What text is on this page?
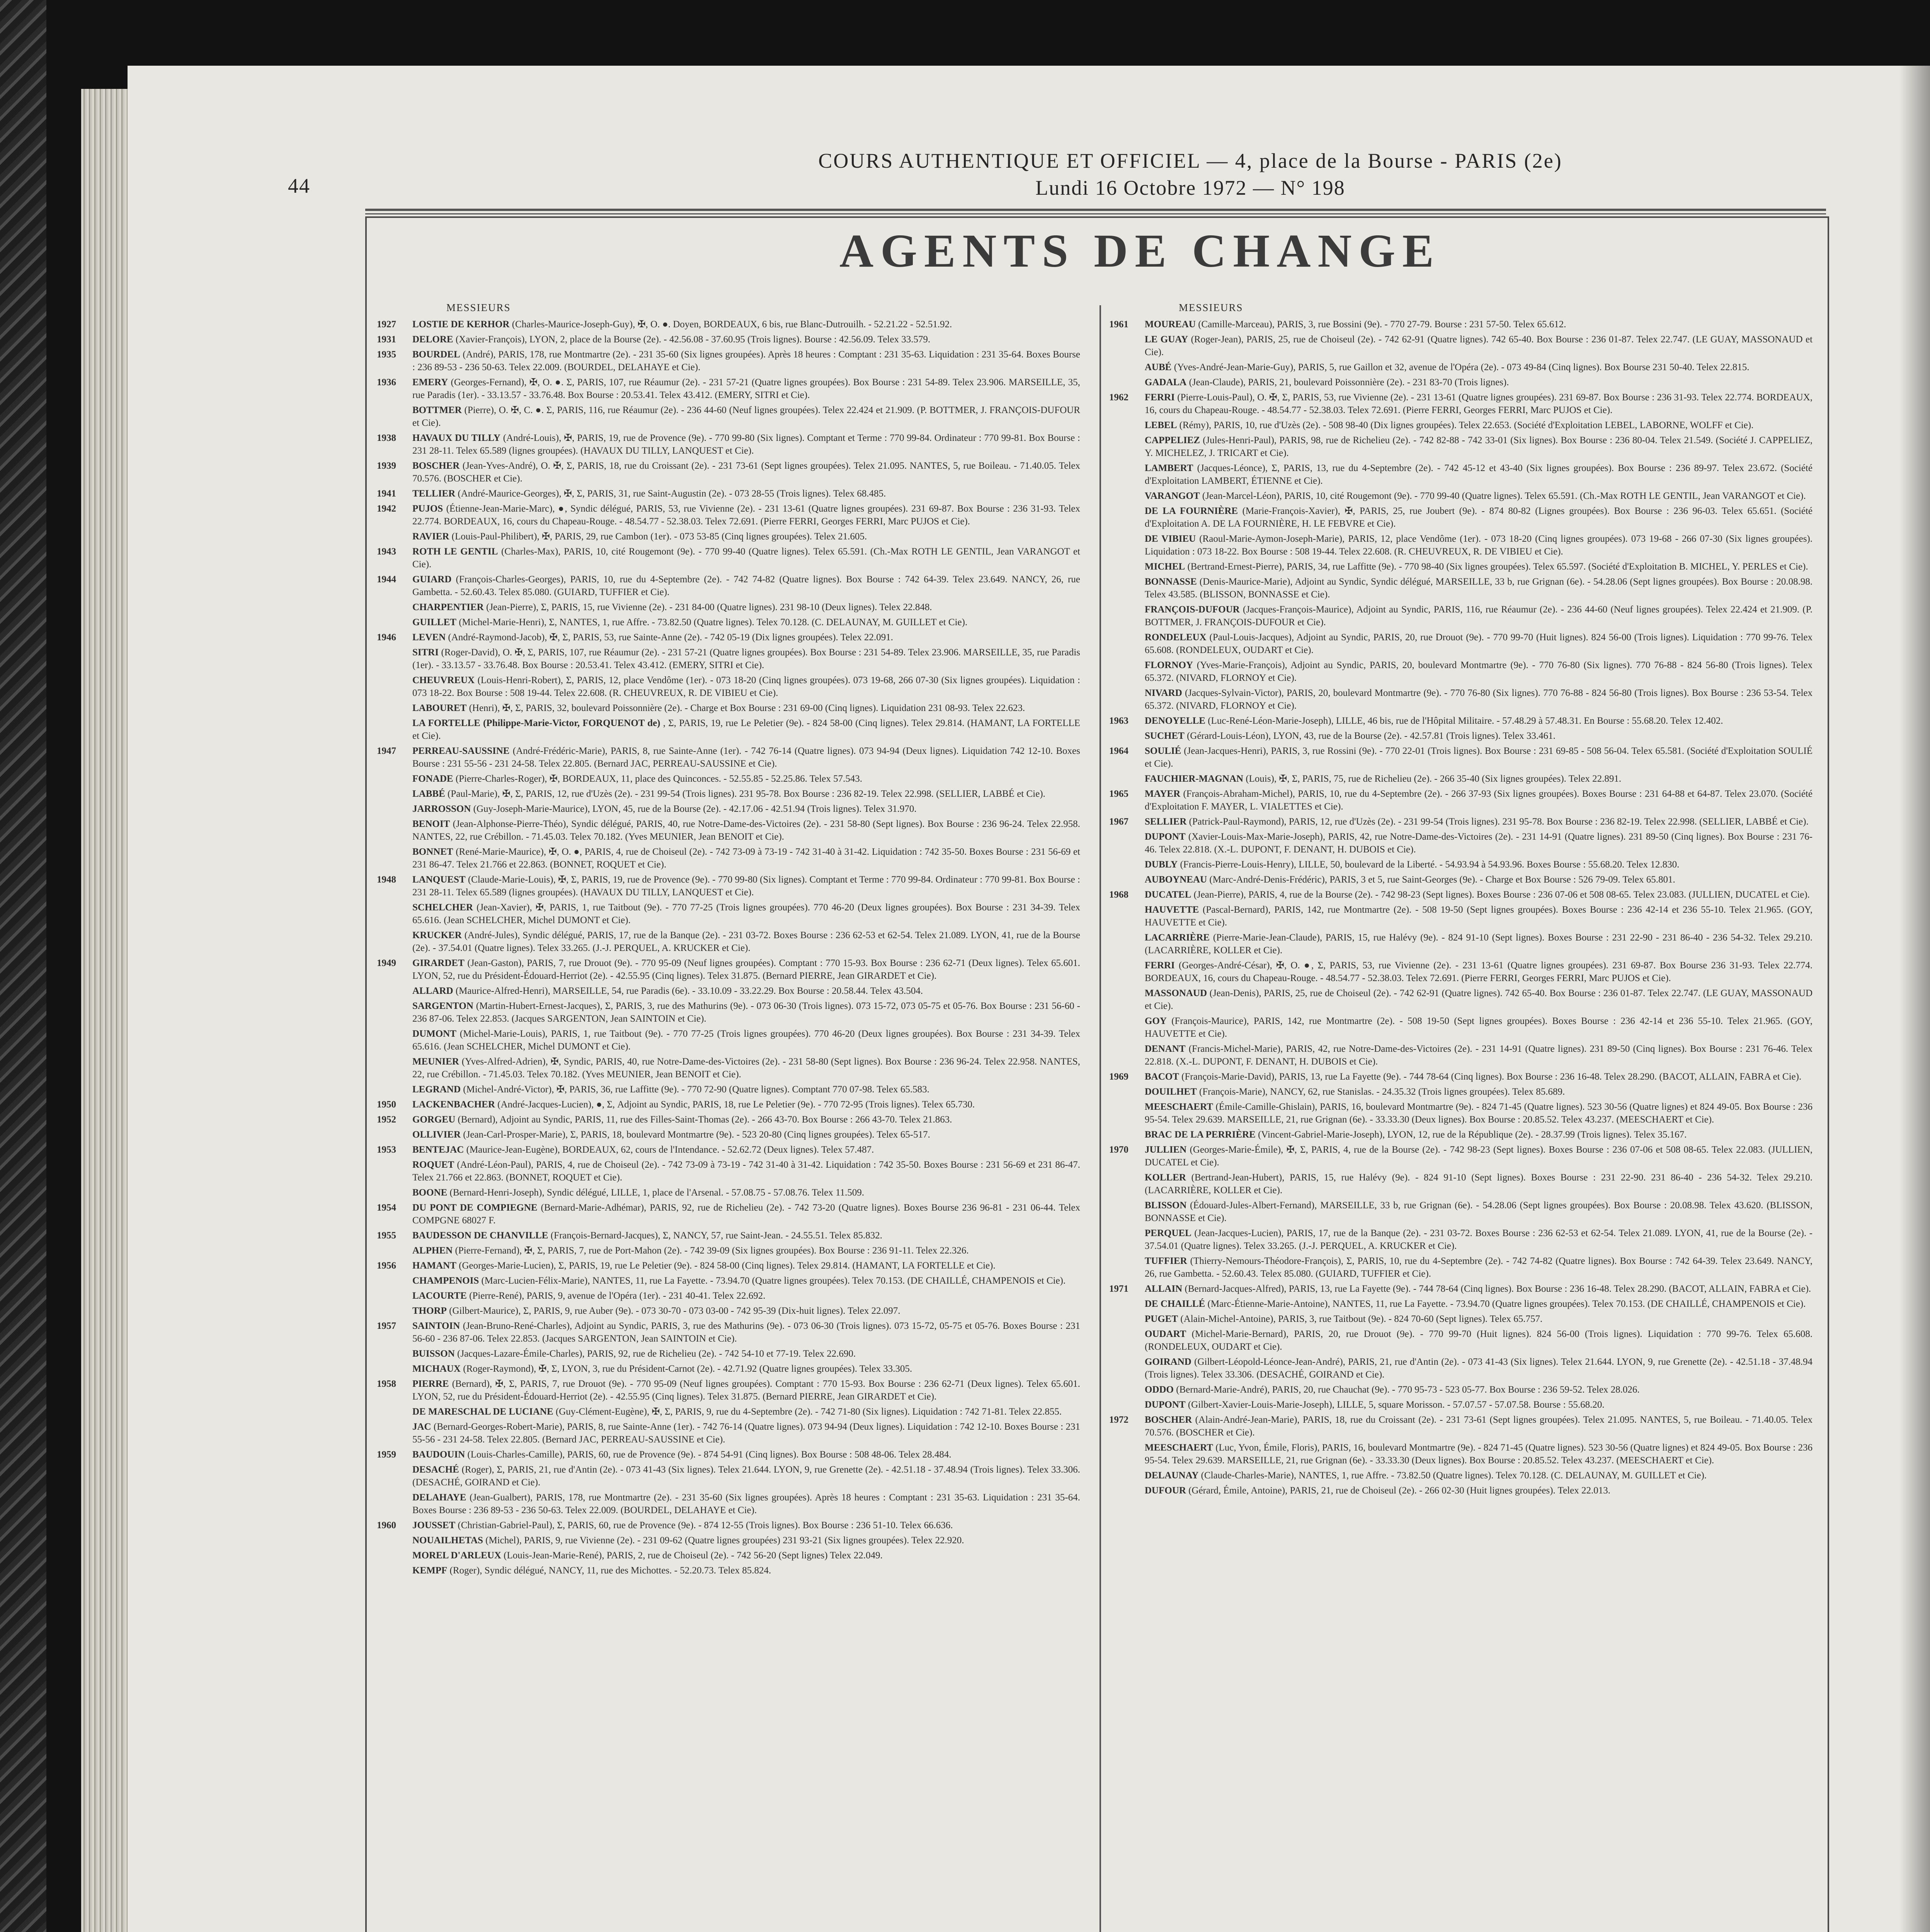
44
COURS AUTHENTIQUE ET OFFICIEL — 4, place de la Bourse - PARIS (2e)
Lundi 16 Octobre 1972 — N° 198
AGENTS DE CHANGE
MESSIEURS
1927	LOSTIE DE KERHOR (Charles-Maurice-Joseph-Guy), ✠, O. ●. Doyen, BORDEAUX, 6 bis, rue Blanc-Dutrouilh. - 52.21.22 - 52.51.92.
1931	DELORE (Xavier-François), LYON, 2, place de la Bourse (2e). - 42.56.08 - 37.60.95 (Trois lignes). Bourse : 42.56.09. Telex 33.579.
1935	BOURDEL (André), PARIS, 178, rue Montmartre (2e). - 231 35-60 (Six lignes groupées). Après 18 heures : Comptant : 231 35-63. Liquidation : 231 35-64. Boxes Bourse : 236 89-53 - 236 50-63. Telex 22.009. (BOURDEL, DELAHAYE et Cie).
1936	EMERY (Georges-Fernand), ✠, O. ●. Σ, PARIS, 107, rue Réaumur (2e). - 231 57-21 (Quatre lignes groupées). Box Bourse : 231 54-89. Telex 23.906. MARSEILLE, 35, rue Paradis (1er). - 33.13.57 - 33.76.48. Box Bourse : 20.53.41. Telex 43.412. (EMERY, SITRI et Cie).
BOTTMER (Pierre), O. ✠, C. ●. Σ, PARIS, 116, rue Réaumur (2e). - 236 44-60 (Neuf lignes groupées). Telex 22.424 et 21.909. (P. BOTTMER, J. FRANÇOIS-DUFOUR et Cie).
1938	HAVAUX DU TILLY (André-Louis), ✠, PARIS, 19, rue de Provence (9e). - 770 99-80 (Six lignes). Comptant et Terme : 770 99-84. Ordinateur : 770 99-81. Box Bourse : 231 28-11. Telex 65.589 (lignes groupées). (HAVAUX DU TILLY, LANQUEST et Cie).
1939	BOSCHER (Jean-Yves-André), O. ✠, Σ, PARIS, 18, rue du Croissant (2e). - 231 73-61 (Sept lignes groupées). Telex 21.095. NANTES, 5, rue Boileau. - 71.40.05. Telex 70.576. (BOSCHER et Cie).
1941	TELLIER (André-Maurice-Georges), ✠, Σ, PARIS, 31, rue Saint-Augustin (2e). - 073 28-55 (Trois lignes). Telex 68.485.
1942	PUJOS (Étienne-Jean-Marie-Marc), ●, Syndic délégué, PARIS, 53, rue Vivienne (2e). - 231 13-61 (Quatre lignes groupées). 231 69-87. Box Bourse : 236 31-93. Telex 22.774. BORDEAUX, 16, cours du Chapeau-Rouge. - 48.54.77 - 52.38.03. Telex 72.691. (Pierre FERRI, Georges FERRI, Marc PUJOS et Cie).
RAVIER (Louis-Paul-Philibert), ✠, PARIS, 29, rue Cambon (1er). - 073 53-85 (Cinq lignes groupées). Telex 21.605.
1943	ROTH LE GENTIL (Charles-Max), PARIS, 10, cité Rougemont (9e). - 770 99-40 (Quatre lignes). Telex 65.591. (Ch.-Max ROTH LE GENTIL, Jean VARANGOT et Cie).
1944	GUIARD (François-Charles-Georges), PARIS, 10, rue du 4-Septembre (2e). - 742 74-82 (Quatre lignes). Box Bourse : 742 64-39. Telex 23.649. NANCY, 26, rue Gambetta. - 52.60.43. Telex 85.080. (GUIARD, TUFFIER et Cie).
CHARPENTIER (Jean-Pierre), Σ, PARIS, 15, rue Vivienne (2e). - 231 84-00 (Quatre lignes). 231 98-10 (Deux lignes). Telex 22.848.
GUILLET (Michel-Marie-Henri), Σ, NANTES, 1, rue Affre. - 73.82.50 (Quatre lignes). Telex 70.128. (C. DELAUNAY, M. GUILLET et Cie).
1946	LEVEN (André-Raymond-Jacob), ✠, Σ, PARIS, 53, rue Sainte-Anne (2e). - 742 05-19 (Dix lignes groupées). Telex 22.091.
SITRI (Roger-David), O. ✠, Σ, PARIS, 107, rue Réaumur (2e). - 231 57-21 (Quatre lignes groupées). Box Bourse : 231 54-89. Telex 23.906. MARSEILLE, 35, rue Paradis (1er). - 33.13.57 - 33.76.48. Box Bourse : 20.53.41. Telex 43.412. (EMERY, SITRI et Cie).
CHEUVREUX (Louis-Henri-Robert), Σ, PARIS, 12, place Vendôme (1er). - 073 18-20 (Cinq lignes groupées). 073 19-68, 266 07-30 (Six lignes groupées). Liquidation : 073 18-22. Box Bourse : 508 19-44. Telex 22.608. (R. CHEUVREUX, R. DE VIBIEU et Cie).
LABOURET (Henri), ✠, Σ, PARIS, 32, boulevard Poissonnière (2e). - Charge et Box Bourse : 231 69-00 (Cinq lignes). Liquidation 231 08-93. Telex 22.623.
LA FORTELLE (Philippe-Marie-Victor, FORQUENOT de) , Σ, PARIS, 19, rue Le Peletier (9e). - 824 58-00 (Cinq lignes). Telex 29.814. (HAMANT, LA FORTELLE et Cie).
1947	PERREAU-SAUSSINE (André-Frédéric-Marie), PARIS, 8, rue Sainte-Anne (1er). - 742 76-14 (Quatre lignes). 073 94-94 (Deux lignes). Liquidation 742 12-10. Boxes Bourse : 231 55-56 - 231 24-58. Telex 22.805. (Bernard JAC, PERREAU-SAUSSINE et Cie).
FONADE (Pierre-Charles-Roger), ✠, BORDEAUX, 11, place des Quinconces. - 52.55.85 - 52.25.86. Telex 57.543.
LABBÉ (Paul-Marie), ✠, Σ, PARIS, 12, rue d'Uzès (2e). - 231 99-54 (Trois lignes). 231 95-78. Box Bourse : 236 82-19. Telex 22.998. (SELLIER, LABBÉ et Cie).
JARROSSON (Guy-Joseph-Marie-Maurice), LYON, 45, rue de la Bourse (2e). - 42.17.06 - 42.51.94 (Trois lignes). Telex 31.970.
BENOIT (Jean-Alphonse-Pierre-Théo), Syndic délégué, PARIS, 40, rue Notre-Dame-des-Victoires (2e). - 231 58-80 (Sept lignes). Box Bourse : 236 96-24. Telex 22.958. NANTES, 22, rue Crébillon. - 71.45.03. Telex 70.182. (Yves MEUNIER, Jean BENOIT et Cie).
BONNET (René-Marie-Maurice), ✠, O. ●, PARIS, 4, rue de Choiseul (2e). - 742 73-09 à 73-19 - 742 31-40 à 31-42. Liquidation : 742 35-50. Boxes Bourse : 231 56-69 et 231 86-47. Telex 21.766 et 22.863. (BONNET, ROQUET et Cie).
1948	LANQUEST (Claude-Marie-Louis), ✠, Σ, PARIS, 19, rue de Provence (9e). - 770 99-80 (Six lignes). Comptant et Terme : 770 99-84. Ordinateur : 770 99-81. Box Bourse : 231 28-11. Telex 65.589 (lignes groupées). (HAVAUX DU TILLY, LANQUEST et Cie).
SCHELCHER (Jean-Xavier), ✠, PARIS, 1, rue Taitbout (9e). - 770 77-25 (Trois lignes groupées). 770 46-20 (Deux lignes groupées). Box Bourse : 231 34-39. Telex 65.616. (Jean SCHELCHER, Michel DUMONT et Cie).
KRUCKER (André-Jules), Syndic délégué, PARIS, 17, rue de la Banque (2e). - 231 03-72. Boxes Bourse : 236 62-53 et 62-54. Telex 21.089. LYON, 41, rue de la Bourse (2e). - 37.54.01 (Quatre lignes). Telex 33.265. (J.-J. PERQUEL, A. KRUCKER et Cie).
1949	GIRARDET (Jean-Gaston), PARIS, 7, rue Drouot (9e). - 770 95-09 (Neuf lignes groupées). Comptant : 770 15-93. Box Bourse : 236 62-71 (Deux lignes). Telex 65.601. LYON, 52, rue du Président-Édouard-Herriot (2e). - 42.55.95 (Cinq lignes). Telex 31.875. (Bernard PIERRE, Jean GIRARDET et Cie).
ALLARD (Maurice-Alfred-Henri), MARSEILLE, 54, rue Paradis (6e). - 33.10.09 - 33.22.29. Box Bourse : 20.58.44. Telex 43.504.
SARGENTON (Martin-Hubert-Ernest-Jacques), Σ, PARIS, 3, rue des Mathurins (9e). - 073 06-30 (Trois lignes). 073 15-72, 073 05-75 et 05-76. Box Bourse : 231 56-60 - 236 87-06. Telex 22.853. (Jacques SARGENTON, Jean SAINTOIN et Cie).
DUMONT (Michel-Marie-Louis), PARIS, 1, rue Taitbout (9e). - 770 77-25 (Trois lignes groupées). 770 46-20 (Deux lignes groupées). Box Bourse : 231 34-39. Telex 65.616. (Jean SCHELCHER, Michel DUMONT et Cie).
MEUNIER (Yves-Alfred-Adrien), ✠, Syndic, PARIS, 40, rue Notre-Dame-des-Victoires (2e). - 231 58-80 (Sept lignes). Box Bourse : 236 96-24. Telex 22.958. NANTES, 22, rue Crébillon. - 71.45.03. Telex 70.182. (Yves MEUNIER, Jean BENOIT et Cie).
LEGRAND (Michel-André-Victor), ✠, PARIS, 36, rue Laffitte (9e). - 770 72-90 (Quatre lignes). Comptant 770 07-98. Telex 65.583.
1950	LACKENBACHER (André-Jacques-Lucien), ●, Σ, Adjoint au Syndic, PARIS, 18, rue Le Peletier (9e). - 770 72-95 (Trois lignes). Telex 65.730.
1952	GORGEU (Bernard), Adjoint au Syndic, PARIS, 11, rue des Filles-Saint-Thomas (2e). - 266 43-70. Box Bourse : 266 43-70. Telex 21.863.
OLLIVIER (Jean-Carl-Prosper-Marie), Σ, PARIS, 18, boulevard Montmartre (9e). - 523 20-80 (Cinq lignes groupées). Telex 65-517.
1953	BENTEJAC (Maurice-Jean-Eugène), BORDEAUX, 62, cours de l'Intendance. - 52.62.72 (Deux lignes). Telex 57.487.
ROQUET (André-Léon-Paul), PARIS, 4, rue de Choiseul (2e). - 742 73-09 à 73-19 - 742 31-40 à 31-42. Liquidation : 742 35-50. Boxes Bourse : 231 56-69 et 231 86-47. Telex 21.766 et 22.863. (BONNET, ROQUET et Cie).
BOONE (Bernard-Henri-Joseph), Syndic délégué, LILLE, 1, place de l'Arsenal. - 57.08.75 - 57.08.76. Telex 11.509.
1954	DU PONT DE COMPIEGNE (Bernard-Marie-Adhémar), PARIS, 92, rue de Richelieu (2e). - 742 73-20 (Quatre lignes). Boxes Bourse 236 96-81 - 231 06-44. Telex COMPGNE 68027 F.
1955	BAUDESSON DE CHANVILLE (François-Bernard-Jacques), Σ, NANCY, 57, rue Saint-Jean. - 24.55.51. Telex 85.832.
ALPHEN (Pierre-Fernand), ✠, Σ, PARIS, 7, rue de Port-Mahon (2e). - 742 39-09 (Six lignes groupées). Box Bourse : 236 91-11. Telex 22.326.
1956	HAMANT (Georges-Marie-Lucien), Σ, PARIS, 19, rue Le Peletier (9e). - 824 58-00 (Cinq lignes). Telex 29.814. (HAMANT, LA FORTELLE et Cie).
CHAMPENOIS (Marc-Lucien-Félix-Marie), NANTES, 11, rue La Fayette. - 73.94.70 (Quatre lignes groupées). Telex 70.153. (DE CHAILLÉ, CHAMPENOIS et Cie).
LACOURTE (Pierre-René), PARIS, 9, avenue de l'Opéra (1er). - 231 40-41. Telex 22.692.
THORP (Gilbert-Maurice), Σ, PARIS, 9, rue Auber (9e). - 073 30-70 - 073 03-00 - 742 95-39 (Dix-huit lignes). Telex 22.097.
1957	SAINTOIN (Jean-Bruno-René-Charles), Adjoint au Syndic, PARIS, 3, rue des Mathurins (9e). - 073 06-30 (Trois lignes). 073 15-72, 05-75 et 05-76. Boxes Bourse : 231 56-60 - 236 87-06. Telex 22.853. (Jacques SARGENTON, Jean SAINTOIN et Cie).
BUISSON (Jacques-Lazare-Émile-Charles), PARIS, 92, rue de Richelieu (2e). - 742 54-10 et 77-19. Telex 22.690.
MICHAUX (Roger-Raymond), ✠, Σ, LYON, 3, rue du Président-Carnot (2e). - 42.71.92 (Quatre lignes groupées). Telex 33.305.
1958	PIERRE (Bernard), ✠, Σ, PARIS, 7, rue Drouot (9e). - 770 95-09 (Neuf lignes groupées). Comptant : 770 15-93. Box Bourse : 236 62-71 (Deux lignes). Telex 65.601. LYON, 52, rue du Président-Édouard-Herriot (2e). - 42.55.95 (Cinq lignes). Telex 31.875. (Bernard PIERRE, Jean GIRARDET et Cie).
DE MARESCHAL DE LUCIANE (Guy-Clément-Eugène), ✠, Σ, PARIS, 9, rue du 4-Septembre (2e). - 742 71-80 (Six lignes). Liquidation : 742 71-81. Telex 22.855.
JAC (Bernard-Georges-Robert-Marie), PARIS, 8, rue Sainte-Anne (1er). - 742 76-14 (Quatre lignes). 073 94-94 (Deux lignes). Liquidation : 742 12-10. Boxes Bourse : 231 55-56 - 231 24-58. Telex 22.805. (Bernard JAC, PERREAU-SAUSSINE et Cie).
1959	BAUDOUIN (Louis-Charles-Camille), PARIS, 60, rue de Provence (9e). - 874 54-91 (Cinq lignes). Box Bourse : 508 48-06. Telex 28.484.
DESACHÉ (Roger), Σ, PARIS, 21, rue d'Antin (2e). - 073 41-43 (Six lignes). Telex 21.644. LYON, 9, rue Grenette (2e). - 42.51.18 - 37.48.94 (Trois lignes). Telex 33.306. (DESACHÉ, GOIRAND et Cie).
DELAHAYE (Jean-Gualbert), PARIS, 178, rue Montmartre (2e). - 231 35-60 (Six lignes groupées). Après 18 heures : Comptant : 231 35-63. Liquidation : 231 35-64. Boxes Bourse : 236 89-53 - 236 50-63. Telex 22.009. (BOURDEL, DELAHAYE et Cie).
1960	JOUSSET (Christian-Gabriel-Paul), Σ, PARIS, 60, rue de Provence (9e). - 874 12-55 (Trois lignes). Box Bourse : 236 51-10. Telex 66.636.
NOUAILHETAS (Michel), PARIS, 9, rue Vivienne (2e). - 231 09-62 (Quatre lignes groupées) 231 93-21 (Six lignes groupées). Telex 22.920.
MOREL D'ARLEUX (Louis-Jean-Marie-René), PARIS, 2, rue de Choiseul (2e). - 742 56-20 (Sept lignes) Telex 22.049.
KEMPF (Roger), Syndic délégué, NANCY, 11, rue des Michottes. - 52.20.73. Telex 85.824.
MESSIEURS
1961	MOUREAU (Camille-Marceau), PARIS, 3, rue Bossini (9e). - 770 27-79. Bourse : 231 57-50. Telex 65.612.
LE GUAY (Roger-Jean), PARIS, 25, rue de Choiseul (2e). - 742 62-91 (Quatre lignes). 742 65-40. Box Bourse : 236 01-87. Telex 22.747. (LE GUAY, MASSONAUD et Cie).
AUBÉ (Yves-André-Jean-Marie-Guy), PARIS, 5, rue Gaillon et 32, avenue de l'Opéra (2e). - 073 49-84 (Cinq lignes). Box Bourse 231 50-40. Telex 22.815.
GADALA (Jean-Claude), PARIS, 21, boulevard Poissonnière (2e). - 231 83-70 (Trois lignes).
1962	FERRI (Pierre-Louis-Paul), O. ✠, Σ, PARIS, 53, rue Vivienne (2e). - 231 13-61 (Quatre lignes groupées). 231 69-87. Box Bourse : 236 31-93. Telex 22.774. BORDEAUX, 16, cours du Chapeau-Rouge. - 48.54.77 - 52.38.03. Telex 72.691. (Pierre FERRI, Georges FERRI, Marc PUJOS et Cie).
LEBEL (Rémy), PARIS, 10, rue d'Uzès (2e). - 508 98-40 (Dix lignes groupées). Telex 22.653. (Société d'Exploitation LEBEL, LABORNE, WOLFF et Cie).
CAPPELIEZ (Jules-Henri-Paul), PARIS, 98, rue de Richelieu (2e). - 742 82-88 - 742 33-01 (Six lignes). Box Bourse : 236 80-04. Telex 21.549. (Société J. CAPPELIEZ, Y. MICHELEZ, J. TRICART et Cie).
LAMBERT (Jacques-Léonce), Σ, PARIS, 13, rue du 4-Septembre (2e). - 742 45-12 et 43-40 (Six lignes groupées). Box Bourse : 236 89-97. Telex 23.672. (Société d'Exploitation LAMBERT, ÉTIENNE et Cie).
VARANGOT (Jean-Marcel-Léon), PARIS, 10, cité Rougemont (9e). - 770 99-40 (Quatre lignes). Telex 65.591. (Ch.-Max ROTH LE GENTIL, Jean VARANGOT et Cie).
DE LA FOURNIÈRE (Marie-François-Xavier), ✠, PARIS, 25, rue Joubert (9e). - 874 80-82 (Lignes groupées). Box Bourse : 236 96-03. Telex 65.651. (Société d'Exploitation A. DE LA FOURNIÈRE, H. LE FEBVRE et Cie).
DE VIBIEU (Raoul-Marie-Aymon-Joseph-Marie), PARIS, 12, place Vendôme (1er). - 073 18-20 (Cinq lignes groupées). 073 19-68 - 266 07-30 (Six lignes groupées). Liquidation : 073 18-22. Box Bourse : 508 19-44. Telex 22.608. (R. CHEUVREUX, R. DE VIBIEU et Cie).
MICHEL (Bertrand-Ernest-Pierre), PARIS, 34, rue Laffitte (9e). - 770 98-40 (Six lignes groupées). Telex 65.597. (Société d'Exploitation B. MICHEL, Y. PERLES et Cie).
BONNASSE (Denis-Maurice-Marie), Adjoint au Syndic, Syndic délégué, MARSEILLE, 33 b, rue Grignan (6e). - 54.28.06 (Sept lignes groupées). Box Bourse : 20.08.98. Telex 43.585. (BLISSON, BONNASSE et Cie).
FRANÇOIS-DUFOUR (Jacques-François-Maurice), Adjoint au Syndic, PARIS, 116, rue Réaumur (2e). - 236 44-60 (Neuf lignes groupées). Telex 22.424 et 21.909. (P. BOTTMER, J. FRANÇOIS-DUFOUR et Cie).
RONDELEUX (Paul-Louis-Jacques), Adjoint au Syndic, PARIS, 20, rue Drouot (9e). - 770 99-70 (Huit lignes). 824 56-00 (Trois lignes). Liquidation : 770 99-76. Telex 65.608. (RONDELEUX, OUDART et Cie).
FLORNOY (Yves-Marie-François), Adjoint au Syndic, PARIS, 20, boulevard Montmartre (9e). - 770 76-80 (Six lignes). 770 76-88 - 824 56-80 (Trois lignes). Telex 65.372. (NIVARD, FLORNOY et Cie).
NIVARD (Jacques-Sylvain-Victor), PARIS, 20, boulevard Montmartre (9e). - 770 76-80 (Six lignes). 770 76-88 - 824 56-80 (Trois lignes). Box Bourse : 236 53-54. Telex 65.372. (NIVARD, FLORNOY et Cie).
1963	DENOYELLE (Luc-René-Léon-Marie-Joseph), LILLE, 46 bis, rue de l'Hôpital Militaire. - 57.48.29 à 57.48.31. En Bourse : 55.68.20. Telex 12.402.
SUCHET (Gérard-Louis-Léon), LYON, 43, rue de la Bourse (2e). - 42.57.81 (Trois lignes). Telex 33.461.
1964	SOULIÉ (Jean-Jacques-Henri), PARIS, 3, rue Rossini (9e). - 770 22-01 (Trois lignes). Box Bourse : 231 69-85 - 508 56-04. Telex 65.581. (Société d'Exploitation SOULIÉ et Cie).
FAUCHIER-MAGNAN (Louis), ✠, Σ, PARIS, 75, rue de Richelieu (2e). - 266 35-40 (Six lignes groupées). Telex 22.891.
1965	MAYER (François-Abraham-Michel), PARIS, 10, rue du 4-Septembre (2e). - 266 37-93 (Six lignes groupées). Boxes Bourse : 231 64-88 et 64-87. Telex 23.070. (Société d'Exploitation F. MAYER, L. VIALETTES et Cie).
1967	SELLIER (Patrick-Paul-Raymond), PARIS, 12, rue d'Uzès (2e). - 231 99-54 (Trois lignes). 231 95-78. Box Bourse : 236 82-19. Telex 22.998. (SELLIER, LABBÉ et Cie).
DUPONT (Xavier-Louis-Max-Marie-Joseph), PARIS, 42, rue Notre-Dame-des-Victoires (2e). - 231 14-91 (Quatre lignes). 231 89-50 (Cinq lignes). Box Bourse : 231 76-46. Telex 22.818. (X.-L. DUPONT, F. DENANT, H. DUBOIS et Cie).
DUBLY (Francis-Pierre-Louis-Henry), LILLE, 50, boulevard de la Liberté. - 54.93.94 à 54.93.96. Boxes Bourse : 55.68.20. Telex 12.830.
AUBOYNEAU (Marc-André-Denis-Frédéric), PARIS, 3 et 5, rue Saint-Georges (9e). - Charge et Box Bourse : 526 79-09. Telex 65.801.
1968	DUCATEL (Jean-Pierre), PARIS, 4, rue de la Bourse (2e). - 742 98-23 (Sept lignes). Boxes Bourse : 236 07-06 et 508 08-65. Telex 23.083. (JULLIEN, DUCATEL et Cie).
HAUVETTE (Pascal-Bernard), PARIS, 142, rue Montmartre (2e). - 508 19-50 (Sept lignes groupées). Boxes Bourse : 236 42-14 et 236 55-10. Telex 21.965. (GOY, HAUVETTE et Cie).
LACARRIÈRE (Pierre-Marie-Jean-Claude), PARIS, 15, rue Halévy (9e). - 824 91-10 (Sept lignes). Boxes Bourse : 231 22-90 - 231 86-40 - 236 54-32. Telex 29.210. (LACARRIÈRE, KOLLER et Cie).
FERRI (Georges-André-César), ✠, O. ●, Σ, PARIS, 53, rue Vivienne (2e). - 231 13-61 (Quatre lignes groupées). 231 69-87. Box Bourse 236 31-93. Telex 22.774. BORDEAUX, 16, cours du Chapeau-Rouge. - 48.54.77 - 52.38.03. Telex 72.691. (Pierre FERRI, Georges FERRI, Marc PUJOS et Cie).
MASSONAUD (Jean-Denis), PARIS, 25, rue de Choiseul (2e). - 742 62-91 (Quatre lignes). 742 65-40. Box Bourse : 236 01-87. Telex 22.747. (LE GUAY, MASSONAUD et Cie).
GOY (François-Maurice), PARIS, 142, rue Montmartre (2e). - 508 19-50 (Sept lignes groupées). Boxes Bourse : 236 42-14 et 236 55-10. Telex 21.965. (GOY, HAUVETTE et Cie).
DENANT (Francis-Michel-Marie), PARIS, 42, rue Notre-Dame-des-Victoires (2e). - 231 14-91 (Quatre lignes). 231 89-50 (Cinq lignes). Box Bourse : 231 76-46. Telex 22.818. (X.-L. DUPONT, F. DENANT, H. DUBOIS et Cie).
1969	BACOT (François-Marie-David), PARIS, 13, rue La Fayette (9e). - 744 78-64 (Cinq lignes). Box Bourse : 236 16-48. Telex 28.290. (BACOT, ALLAIN, FABRA et Cie).
DOUILHET (François-Marie), NANCY, 62, rue Stanislas. - 24.35.32 (Trois lignes groupées). Telex 85.689.
MEESCHAERT (Émile-Camille-Ghislain), PARIS, 16, boulevard Montmartre (9e). - 824 71-45 (Quatre lignes). 523 30-56 (Quatre lignes) et 824 49-05. Box Bourse : 236 95-54. Telex 29.639. MARSEILLE, 21, rue Grignan (6e). - 33.33.30 (Deux lignes). Box Bourse : 20.85.52. Telex 43.237. (MEESCHAERT et Cie).
BRAC DE LA PERRIÈRE (Vincent-Gabriel-Marie-Joseph), LYON, 12, rue de la République (2e). - 28.37.99 (Trois lignes). Telex 35.167.
1970	JULLIEN (Georges-Marie-Émile), ✠, Σ, PARIS, 4, rue de la Bourse (2e). - 742 98-23 (Sept lignes). Boxes Bourse : 236 07-06 et 508 08-65. Telex 22.083. (JULLIEN, DUCATEL et Cie).
KOLLER (Bertrand-Jean-Hubert), PARIS, 15, rue Halévy (9e). - 824 91-10 (Sept lignes). Boxes Bourse : 231 22-90. 231 86-40 - 236 54-32. Telex 29.210. (LACARRIÈRE, KOLLER et Cie).
BLISSON (Édouard-Jules-Albert-Fernand), MARSEILLE, 33 b, rue Grignan (6e). - 54.28.06 (Sept lignes groupées). Box Bourse : 20.08.98. Telex 43.620. (BLISSON, BONNASSE et Cie).
PERQUEL (Jean-Jacques-Lucien), PARIS, 17, rue de la Banque (2e). - 231 03-72. Boxes Bourse : 236 62-53 et 62-54. Telex 21.089. LYON, 41, rue de la Bourse (2e). - 37.54.01 (Quatre lignes). Telex 33.265. (J.-J. PERQUEL, A. KRUCKER et Cie).
TUFFIER (Thierry-Nemours-Théodore-François), Σ, PARIS, 10, rue du 4-Septembre (2e). - 742 74-82 (Quatre lignes). Box Bourse : 742 64-39. Telex 23.649. NANCY, 26, rue Gambetta. - 52.60.43. Telex 85.080. (GUIARD, TUFFIER et Cie).
1971	ALLAIN (Bernard-Jacques-Alfred), PARIS, 13, rue La Fayette (9e). - 744 78-64 (Cinq lignes). Box Bourse : 236 16-48. Telex 28.290. (BACOT, ALLAIN, FABRA et Cie).
DE CHAILLÉ (Marc-Étienne-Marie-Antoine), NANTES, 11, rue La Fayette. - 73.94.70 (Quatre lignes groupées). Telex 70.153. (DE CHAILLÉ, CHAMPENOIS et Cie).
PUGET (Alain-Michel-Antoine), PARIS, 3, rue Taitbout (9e). - 824 70-60 (Sept lignes). Telex 65.757.
OUDART (Michel-Marie-Bernard), PARIS, 20, rue Drouot (9e). - 770 99-70 (Huit lignes). 824 56-00 (Trois lignes). Liquidation : 770 99-76. Telex 65.608. (RONDELEUX, OUDART et Cie).
GOIRAND (Gilbert-Léopold-Léonce-Jean-André), PARIS, 21, rue d'Antin (2e). - 073 41-43 (Six lignes). Telex 21.644. LYON, 9, rue Grenette (2e). - 42.51.18 - 37.48.94 (Trois lignes). Telex 33.306. (DESACHÉ, GOIRAND et Cie).
ODDO (Bernard-Marie-André), PARIS, 20, rue Chauchat (9e). - 770 95-73 - 523 05-77. Box Bourse : 236 59-52. Telex 28.026.
DUPONT (Gilbert-Xavier-Louis-Marie-Joseph), LILLE, 5, square Morisson. - 57.07.57 - 57.07.58. Bourse : 55.68.20.
1972	BOSCHER (Alain-André-Jean-Marie), PARIS, 18, rue du Croissant (2e). - 231 73-61 (Sept lignes groupées). Telex 21.095. NANTES, 5, rue Boileau. - 71.40.05. Telex 70.576. (BOSCHER et Cie).
MEESCHAERT (Luc, Yvon, Émile, Floris), PARIS, 16, boulevard Montmartre (9e). - 824 71-45 (Quatre lignes). 523 30-56 (Quatre lignes) et 824 49-05. Box Bourse : 236 95-54. Telex 29.639. MARSEILLE, 21, rue Grignan (6e). - 33.33.30 (Deux lignes). Box Bourse : 20.85.52. Telex 43.237. (MEESCHAERT et Cie).
DELAUNAY (Claude-Charles-Marie), NANTES, 1, rue Affre. - 73.82.50 (Quatre lignes). Telex 70.128. (C. DELAUNAY, M. GUILLET et Cie).
DUFOUR (Gérard, Émile, Antoine), PARIS, 21, rue de Choiseul (2e). - 266 02-30 (Huit lignes groupées). Telex 22.013.
